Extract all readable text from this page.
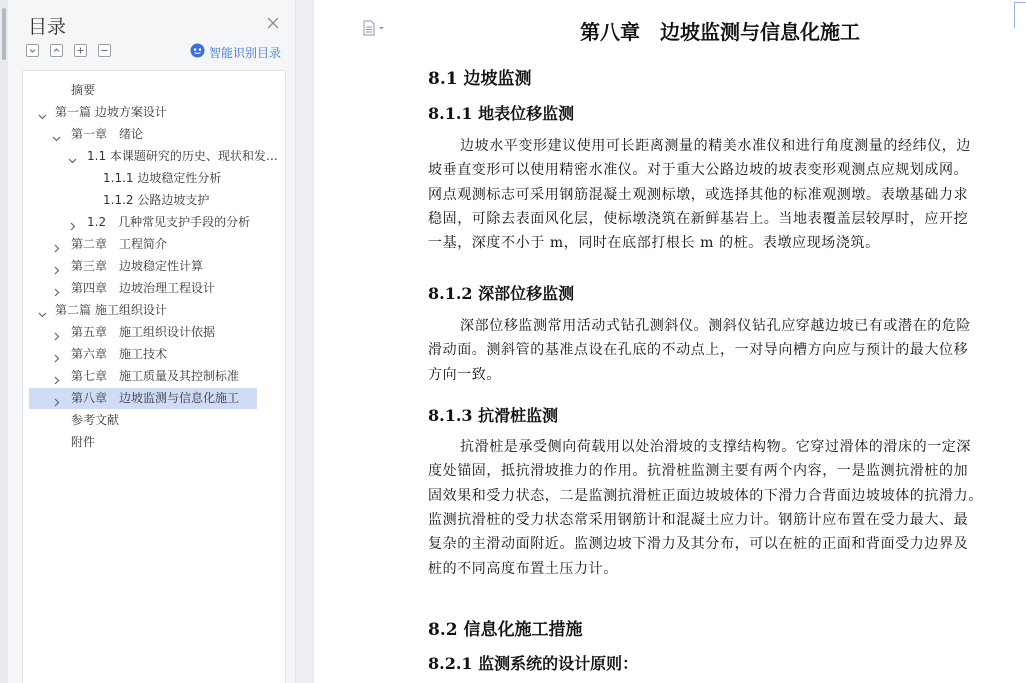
目录
智能识别目录
摘要
第一篇 边坡方案设计
第一章　绪论
1.1 本课题研究的历史、现状和发…
1.1.1 边坡稳定性分析
1.1.2 公路边坡支护
1.2　几种常见支护手段的分析
第二章　工程简介
第三章　边坡稳定性计算
第四章　边坡治理工程设计
第二篇 施工组织设计
第五章　施工组织设计依据
第六章　施工技术
第七章　施工质量及其控制标准
第八章　边坡监测与信息化施工
参考文献
附件
第八章　边坡监测与信息化施工
8.1 边坡监测
8.1.1 地表位移监测
边坡水平变形建议使用可长距离测量的精美水准仪和进行角度测量的经纬仪，边
坡垂直变形可以使用精密水准仪。对于重大公路边坡的坡表变形观测点应规划成网。
网点观测标志可采用钢筋混凝土观测标墩，或选择其他的标准观测墩。表墩基础力求
稳固，可除去表面风化层，使标墩浇筑在新鲜基岩上。当地表覆盖层较厚时，应开挖
一基，深度不小于 m，同时在底部打根长 m 的桩。表墩应现场浇筑。
8.1.2 深部位移监测
深部位移监测常用活动式钻孔测斜仪。测斜仪钻孔应穿越边坡已有或潜在的危险
滑动面。测斜管的基准点设在孔底的不动点上，一对导向槽方向应与预计的最大位移
方向一致。
8.1.3 抗滑桩监测
抗滑桩是承受侧向荷载用以处治滑坡的支撑结构物。它穿过滑体的滑床的一定深
度处锚固，抵抗滑坡推力的作用。抗滑桩监测主要有两个内容，一是监测抗滑桩的加
固效果和受力状态，二是监测抗滑桩正面边坡坡体的下滑力合背面边坡坡体的抗滑力。
监测抗滑桩的受力状态常采用钢筋计和混凝土应力计。钢筋计应布置在受力最大、最
复杂的主滑动面附近。监测边坡下滑力及其分布，可以在桩的正面和背面受力边界及
桩的不同高度布置土压力计。
8.2 信息化施工措施
8.2.1 监测系统的设计原则：
